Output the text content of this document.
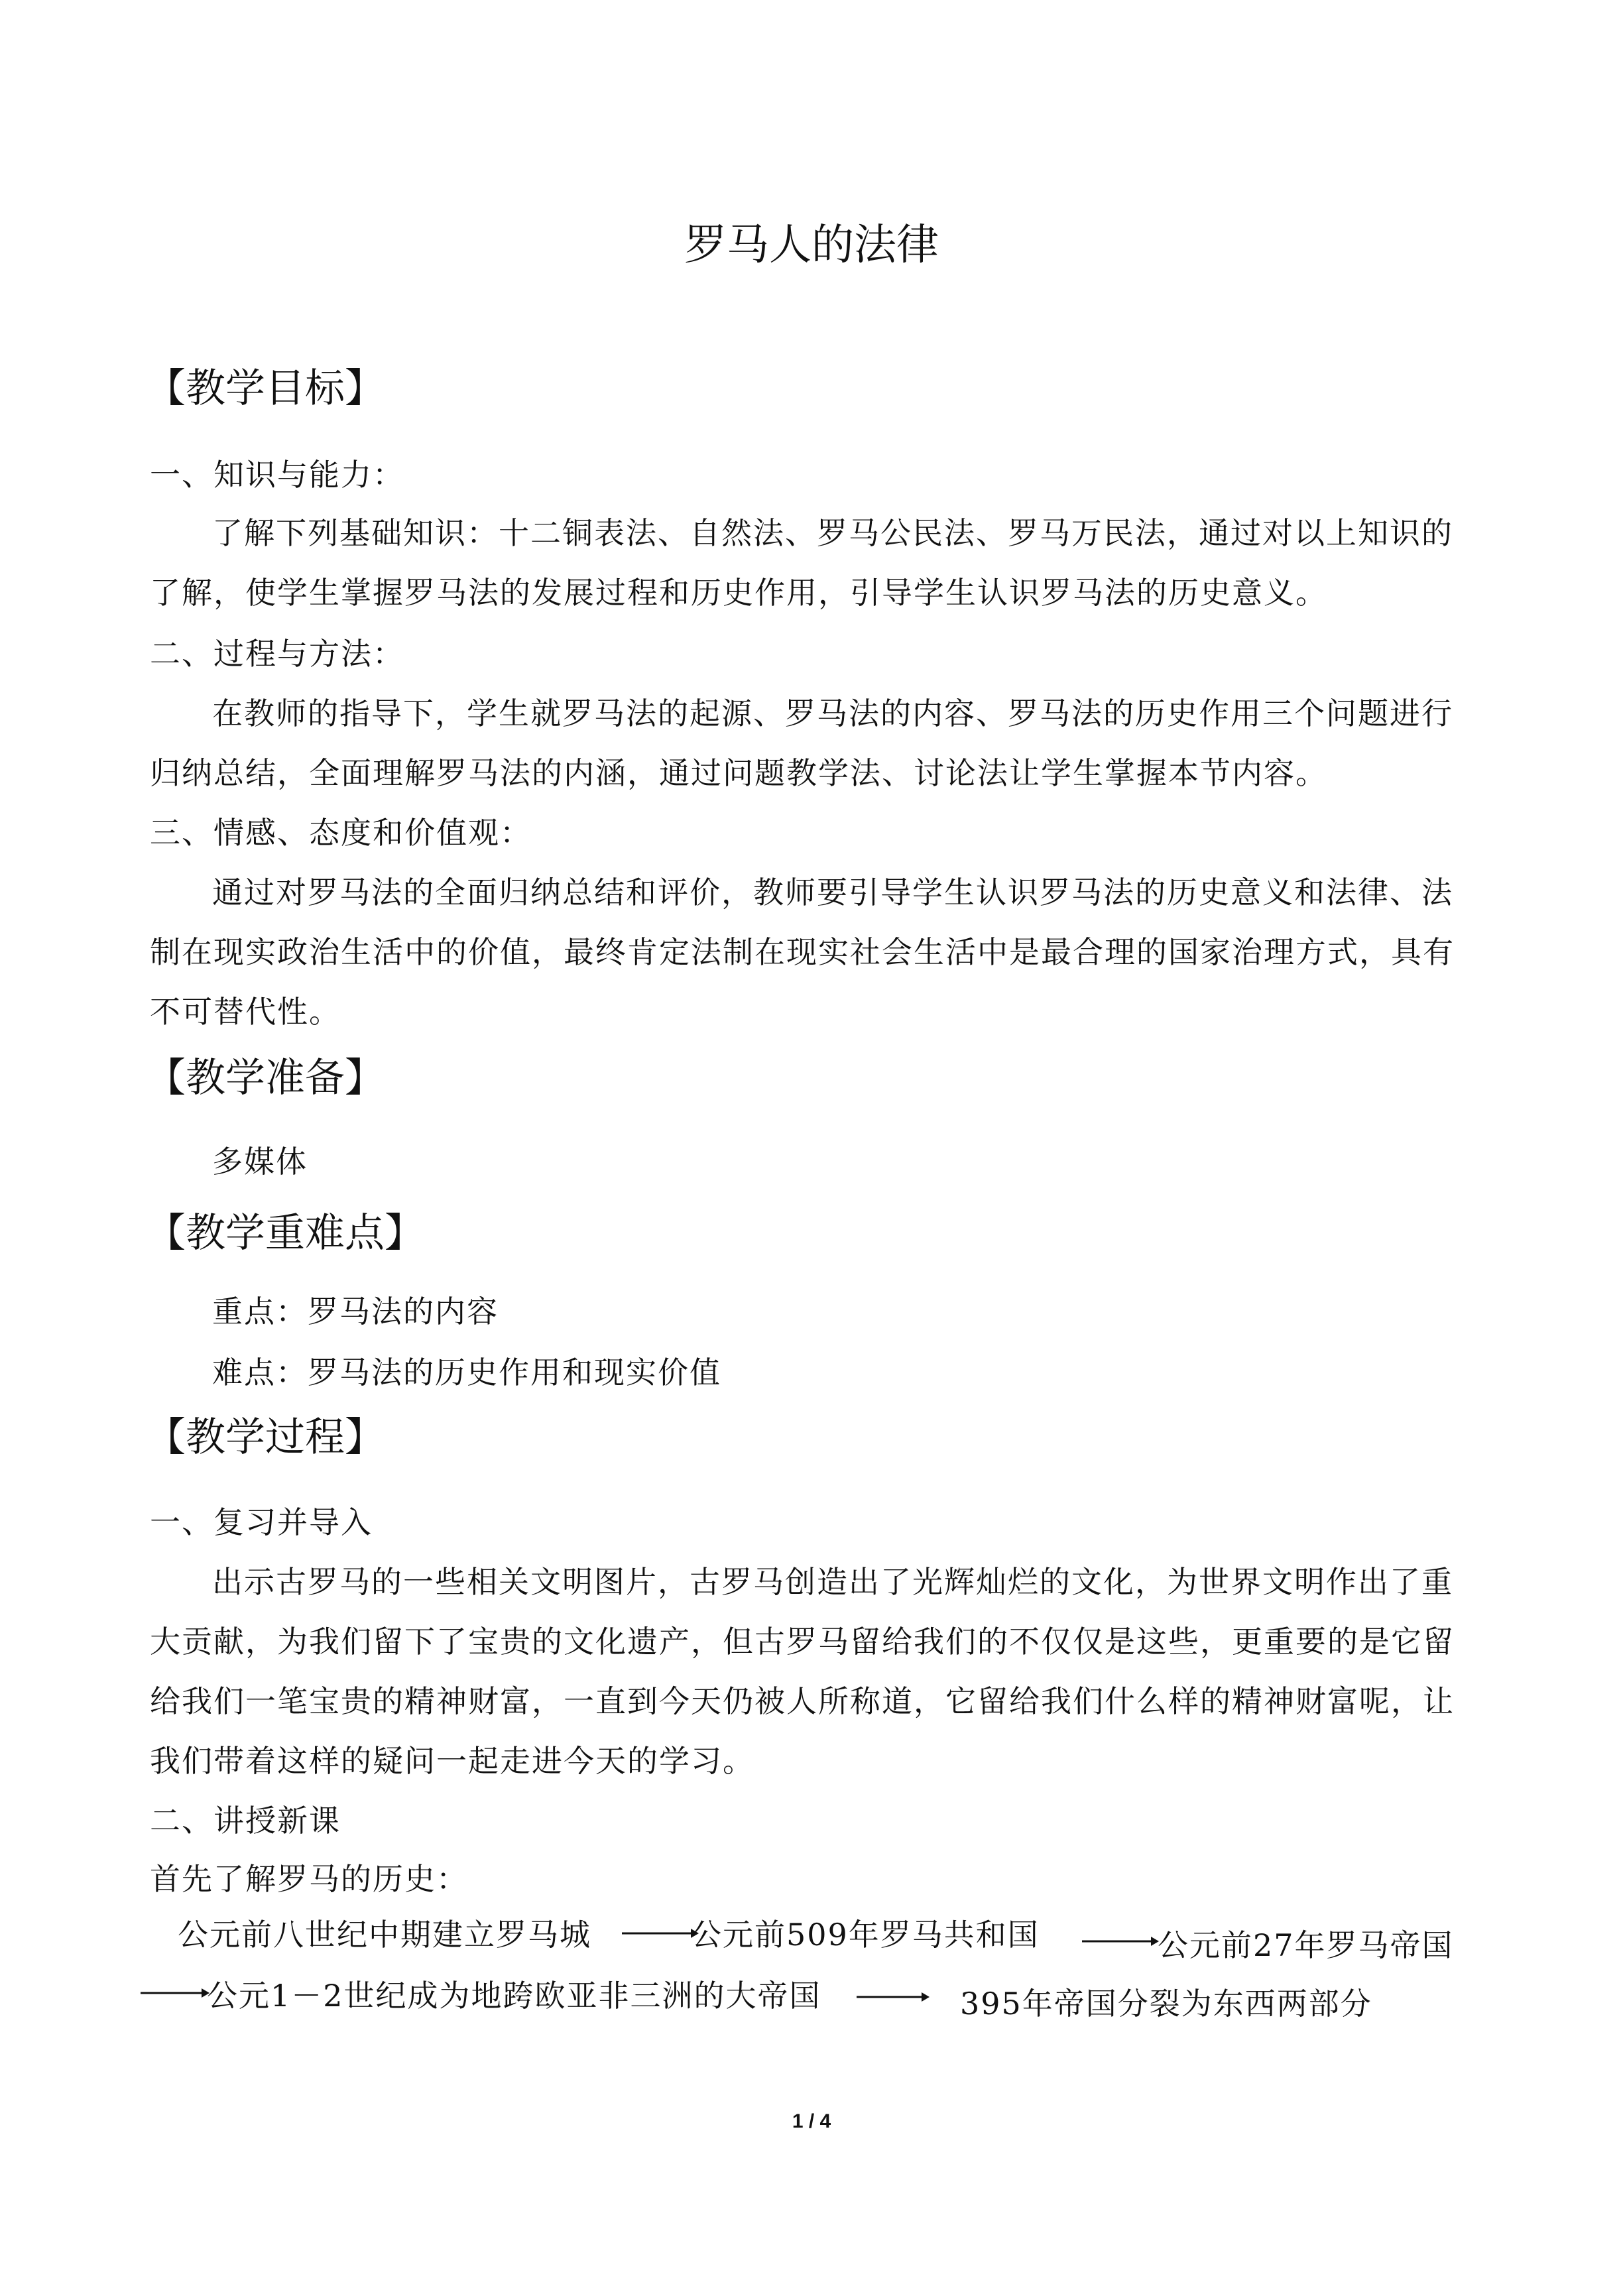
罗马人的法律
【教学目标】
一、知识与能力：
了解下列基础知识：十二铜表法、自然法、罗马公民法、罗马万民法，通过对以上知识的
了解，使学生掌握罗马法的发展过程和历史作用，引导学生认识罗马法的历史意义。
二、过程与方法：
在教师的指导下，学生就罗马法的起源、罗马法的内容、罗马法的历史作用三个问题进行
归纳总结，全面理解罗马法的内涵，通过问题教学法、讨论法让学生掌握本节内容。
三、情感、态度和价值观：
通过对罗马法的全面归纳总结和评价，教师要引导学生认识罗马法的历史意义和法律、法
制在现实政治生活中的价值，最终肯定法制在现实社会生活中是最合理的国家治理方式，具有
不可替代性。
【教学准备】
多媒体
【教学重难点】
重点：罗马法的内容
难点：罗马法的历史作用和现实价值
【教学过程】
一、复习并导入
出示古罗马的一些相关文明图片，古罗马创造出了光辉灿烂的文化，为世界文明作出了重
大贡献，为我们留下了宝贵的文化遗产，但古罗马留给我们的不仅仅是这些，更重要的是它留
给我们一笔宝贵的精神财富，一直到今天仍被人所称道，它留给我们什么样的精神财富呢，让
我们带着这样的疑问一起走进今天的学习。
二、讲授新课
首先了解罗马的历史：
公元前八世纪中期建立罗马城	公元前509年罗马共和国	公元前27年罗马帝国
公元1－2世纪成为地跨欧亚非三洲的大帝国	395年帝国分裂为东西两部分
1 / 4
